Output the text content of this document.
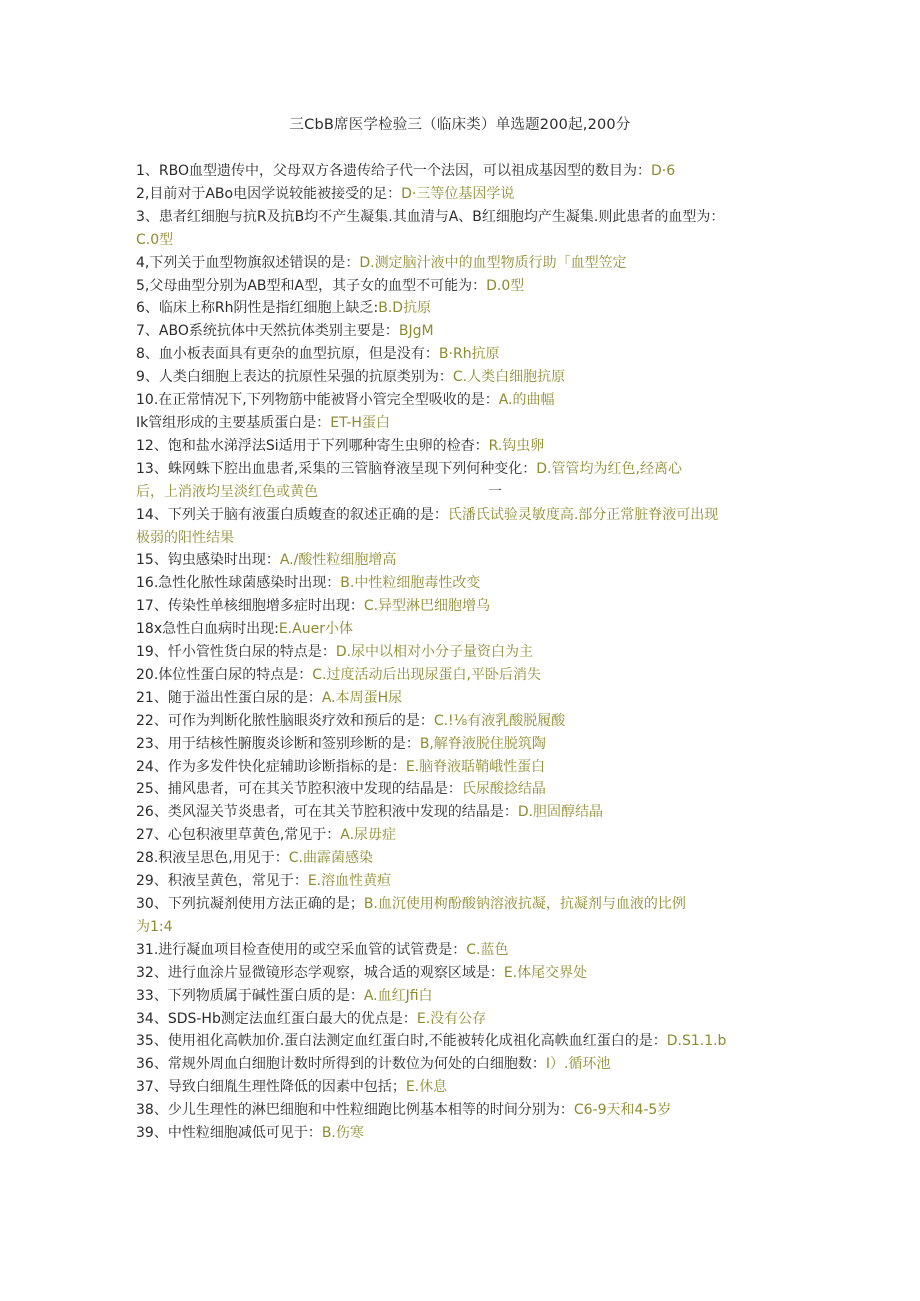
三CbB席医学检验三（临床类）单选题200起,200分
1、RBO血型遗传中，父母双方各遗传给子代一个法因，可以祖成基因型的数目为：D·6
2,目前对于ABo电因学说较能被接受的足：D·三等位基因学说
3、患者红细胞与抗R及抗B均不产生凝集.其血清与A、B红细胞均产生凝集.则此患者的血型为：
C.0型
4,下列关于血型物旗叙述错误的是：D.测定脑汁液中的血型物质行助「血型笠定
5,父母曲型分别为AB型和A型，其子女的血型不可能为：D.0型
6、临床上称Rh阴性是指红细胞上缺乏:B.D抗原
7、ABO系统抗体中天然抗体类别主要是：BJgM
8、血小板表面具有更杂的血型抗原，但是没有：B·Rh抗原
9、人类白细胞上表达的抗原性呆强的抗原类别为：C.人类白细胞抗原
10.在正常情况下,下列物筋中能被肾小管完全型吸收的是：A.的曲幅
Ik管组形成的主要基质蛋白是：ET-H蛋白
12、饱和盐水涕浮法Si适用于下列哪种寄生虫卵的检杳：R.钩虫卵
13、蛛网蛛下腔出血患者,采集的三管脑脊液呈现下列何种变化：D.管管均为红色,经离心
后，上消液均呈淡红色或黄色	一
14、下列关于脑有液蛋白质蝮查的叙述正确的是：氏潘氏试验灵敏度高.部分正常脏脊液可出现
极弱的阳性结果
15、钩虫感染时出现：A./酸性粒细胞增高
16.急性化脓性球菌感染时出现：B.中性粒细胞毒性改变
17、传染性单核细胞增多症时出现：C.异型淋巴细胞增乌
18x急性白血病时出现:E.Auer小体
19、忏小管性货白尿的特点是：D.尿中以相对小分子量资白为主
20.体位性蛋白尿的特点是：C.过度活动后出现尿蛋白,平卧后消失
21、随于溢出性蛋白尿的是：A.本周蛋H尿
22、可作为判断化脓性脑眼炎疗效和预后的是：C.!⅛有液乳酸脱履酸
23、用于结核性腑腹炎诊断和签别珍断的是：B,解脊液脱住脱筑陶
24、作为多发件快化症辅助诊断指标的是：E.脑脊液聒鞘峨性蛋白
25、捕风患者，可在其关节腔积液中发现的结晶是：氏尿酸捻结晶
26、类风湿关节炎患者，可在其关节腔积液中发现的结晶是：D.胆固醇结晶
27、心包积液里草黄色,常见于：A.尿毋症
28.积液呈思色,用见于：C.曲霹菌感染
29、积液呈黄色，常见于：E.溶血性黄疸
30、下列抗凝剂使用方法正确的是；B.血沉使用枸酚酸钠溶液抗凝，抗凝剂与血液的比例
为1:4
31.进行凝血项目检查使用的或空采血管的试管费是：C.蓝色
32、进行血涂片显微镜形态学观察，城合适的观察区域是：E.体尾交界处
33、下列物质属于碱性蛋白质的是：A.血红Jfi白
34、SDS-Hb测定法血红蛋白最大的优点是：E.没有公存
35、使用祖化高帙加价.蛋白法测定血红蛋白时,不能被转化成祖化高帙血红蛋白的是：D.S1.1.b
36、常规外周血白细胞计数时所得到的计数位为何处的白细胞数：I）.循环池
37、导致白细胤生理性降低的因素中包括；E.休息
38、少儿生理性的淋巴细胞和中性粒细跑比例基本相等的时间分别为：C6-9天和4-5岁
39、中性粒细胞减低可见于：B.伤寒
